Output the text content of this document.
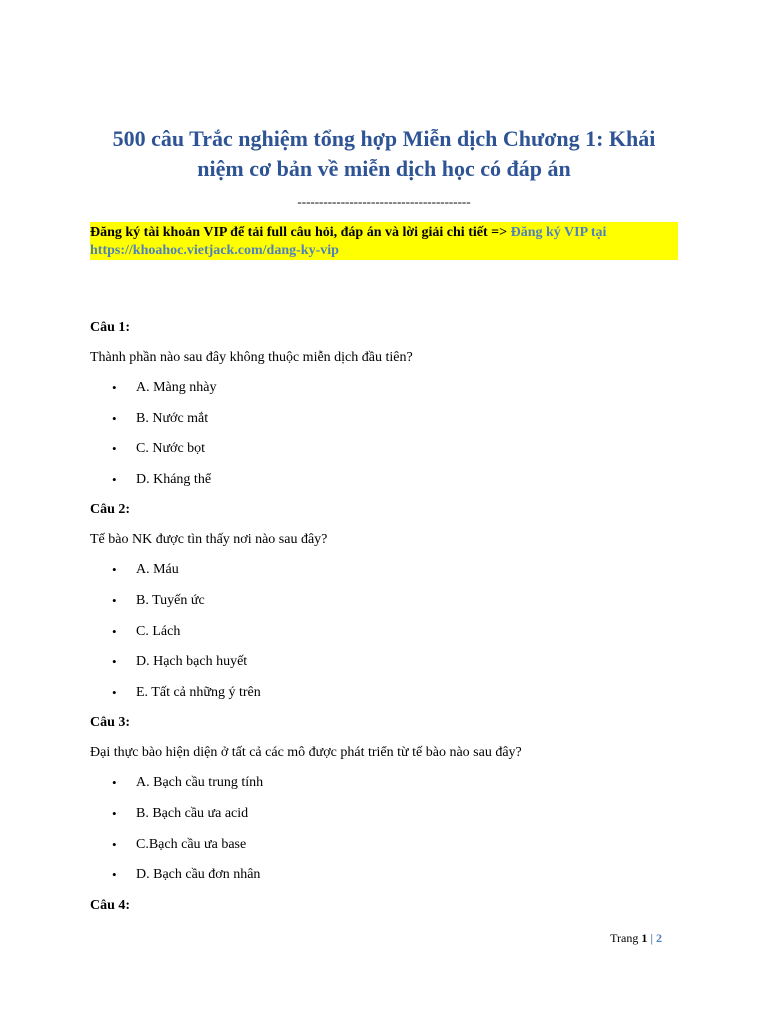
500 câu Trắc nghiệm tổng hợp Miễn dịch Chương 1: Khái niệm cơ bản về miễn dịch học có đáp án
----------------------------------------
Đăng ký tài khoản VIP để tải full câu hỏi, đáp án và lời giải chi tiết => Đăng ký VIP tại https://khoahoc.vietjack.com/dang-ky-vip
Câu 1:
Thành phần nào sau đây không thuộc miễn dịch đầu tiên?
• A. Màng nhày
• B. Nước mắt
• C. Nước bọt
• D. Kháng thể
Câu 2:
Tế bào NK được tìn thấy nơi nào sau đây?
• A. Máu
• B. Tuyến ức
• C. Lách
• D. Hạch bạch huyết
• E. Tất cả những ý trên
Câu 3:
Đại thực bào hiện diện ở tất cả các mô được phát triển từ tế bào nào sau đây?
• A. Bạch cầu trung tính
• B. Bạch cầu ưa acid
• C.Bạch cầu ưa base
• D. Bạch cầu đơn nhân
Câu 4:
Trang 1 | 2
